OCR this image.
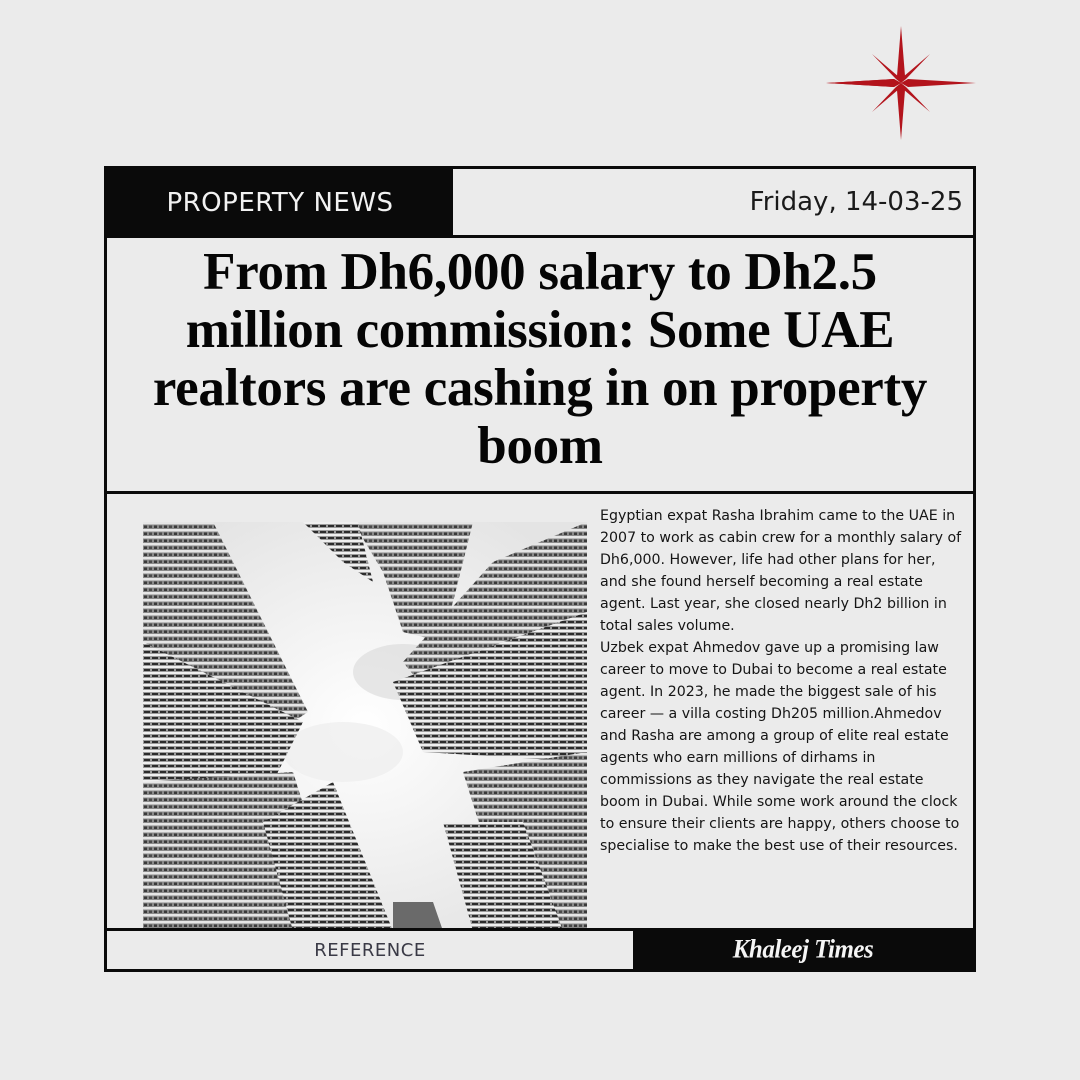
PROPERTY NEWS	Friday, 14-03-25
From Dh6,000 salary to Dh2.5 million commission: Some UAE realtors are cashing in on property boom

Egyptian expat Rasha Ibrahim came to the UAE in 2007 to work as cabin crew for a monthly salary of Dh6,000. However, life had other plans for her, and she found herself becoming a real estate agent. Last year, she closed nearly Dh2 billion in total sales volume.

Uzbek expat Ahmedov gave up a promising law career to move to Dubai to become a real estate agent. In 2023, he made the biggest sale of his career — a villa costing Dh205 million.Ahmedov and Rasha are among a group of elite real estate agents who earn millions of dirhams in commissions as they navigate the real estate boom in Dubai. While some work around the clock to ensure their clients are happy, others choose to specialise to make the best use of their resources.

REFERENCE	Khaleej Times
